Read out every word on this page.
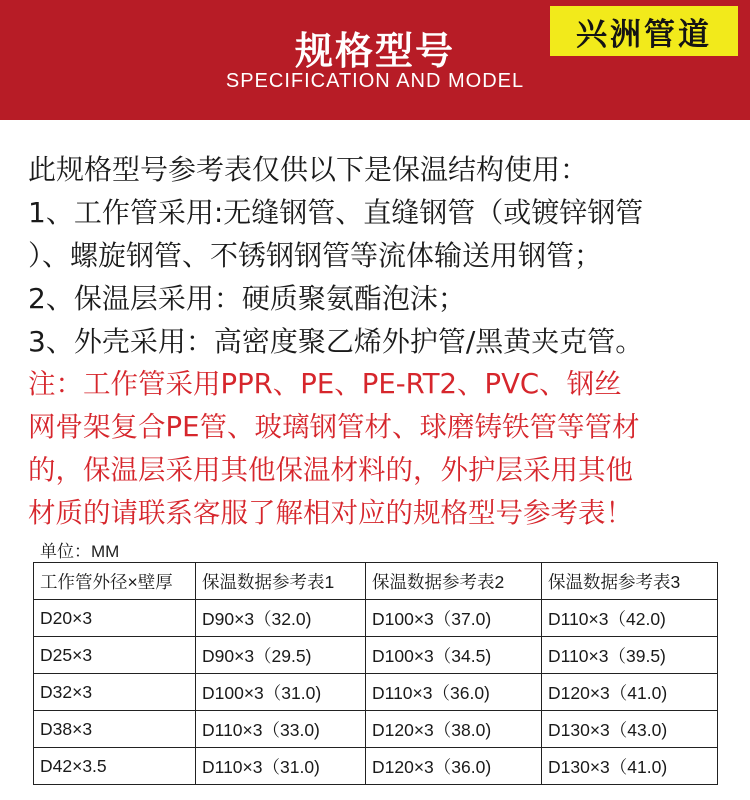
规格型号
SPECIFICATION AND MODEL
兴洲管道
此规格型号参考表仅供以下是保温结构使用：
1、工作管采用:无缝钢管、直缝钢管（或镀锌钢管
）、螺旋钢管、不锈钢钢管等流体输送用钢管；
2、保温层采用：硬质聚氨酯泡沫；
3、外壳采用：高密度聚乙烯外护管/黑黄夹克管。
注：工作管采用PPR、PE、PE-RT2、PVC、钢丝
网骨架复合PE管、玻璃钢管材、球磨铸铁管等管材
的，保温层采用其他保温材料的，外护层采用其他
材质的请联系客服了解相对应的规格型号参考表！
单位：MM
工作管外径×壁厚	保温数据参考表1	保温数据参考表2	保温数据参考表3
D20×3	D90×3（32.0)	D100×3（37.0)	D110×3（42.0)
D25×3	D90×3（29.5)	D100×3（34.5)	D110×3（39.5)
D32×3	D100×3（31.0)	D110×3（36.0)	D120×3（41.0)
D38×3	D110×3（33.0)	D120×3（38.0)	D130×3（43.0)
D42×3.5	D110×3（31.0)	D120×3（36.0)	D130×3（41.0)
